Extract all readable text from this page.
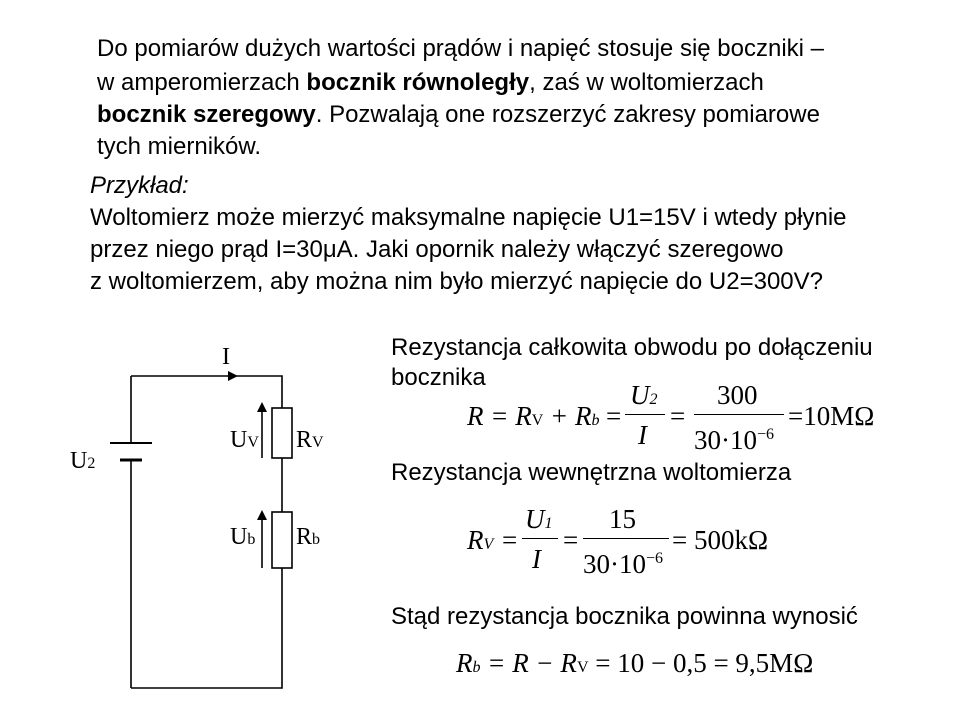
Do pomiarów dużych wartości prądów i napięć stosuje się boczniki –
w amperomierzach bocznik równoległy, zaś w woltomierzach
bocznik szeregowy. Pozwalają one rozszerzyć zakresy pomiarowe
tych mierników.
Przykład:
Woltomierz może mierzyć maksymalne napięcie U1=15V i wtedy płynie
przez niego prąd I=30μA. Jaki opornik należy włączyć szeregowo
z woltomierzem, aby można nim było mierzyć napięcie do U2=300V?
I
U2
UV RV
Ub Rb
Rezystancja całkowita obwodu po dołączeniu
bocznika
R = RV + Rb =
U2
I
=
300
$30\cdot 10^{-6}$
=10MΩ
Rezystancja wewnętrzna woltomierza
RV =
U1
I
=
15
$30\cdot 10^{-6}$
= 500kΩ
Stąd rezystancja bocznika powinna wynosić
Rb = R − RV = 10 − 0,5 = 9,5MΩ
